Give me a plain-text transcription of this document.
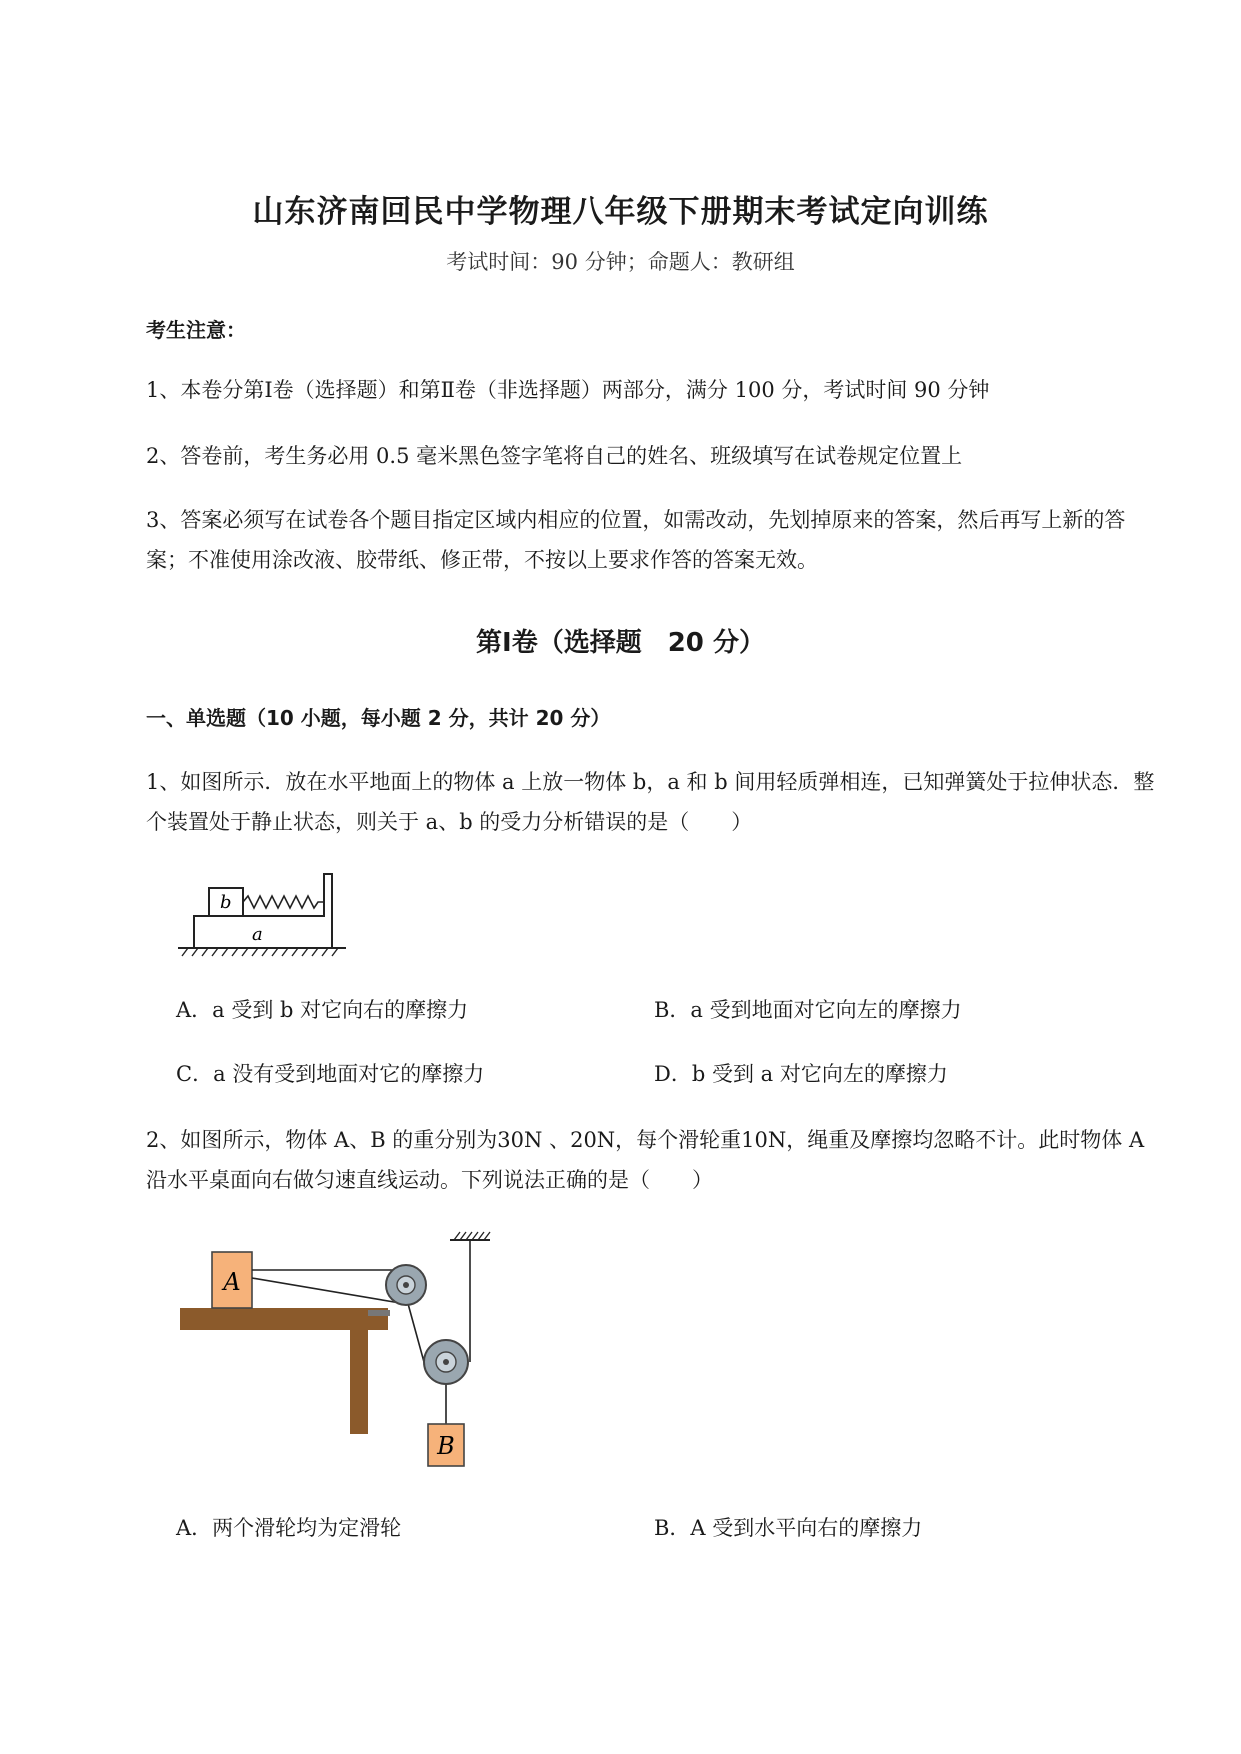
山东济南回民中学物理八年级下册期末考试定向训练
考试时间：90 分钟；命题人：教研组
考生注意：
1、本卷分第Ⅰ卷（选择题）和第Ⅱ卷（非选择题）两部分，满分 100 分，考试时间 90 分钟
2、答卷前，考生务必用 0.5 毫米黑色签字笔将自己的姓名、班级填写在试卷规定位置上
3、答案必须写在试卷各个题目指定区域内相应的位置，如需改动，先划掉原来的答案，然后再写上新的答案；不准使用涂改液、胶带纸、修正带，不按以上要求作答的答案无效。
第Ⅰ卷（选择题　20 分）
一、单选题（10 小题，每小题 2 分，共计 20 分）
1、如图所示．放在水平地面上的物体 a 上放一物体 b，a 和 b 间用轻质弹相连，已知弹簧处于拉伸状态．整个装置处于静止状态，则关于 a、b 的受力分析错误的是（　　）
b
a
A．a 受到 b 对它向右的摩擦力	B．a 受到地面对它向左的摩擦力
C．a 没有受到地面对它的摩擦力	D．b 受到 a 对它向左的摩擦力
2、如图所示，物体 A、B 的重分别为30N 、20N，每个滑轮重10N，绳重及摩擦均忽略不计。此时物体 A 沿水平桌面向右做匀速直线运动。下列说法正确的是（　　）
A
B
A．两个滑轮均为定滑轮	B．A 受到水平向右的摩擦力
